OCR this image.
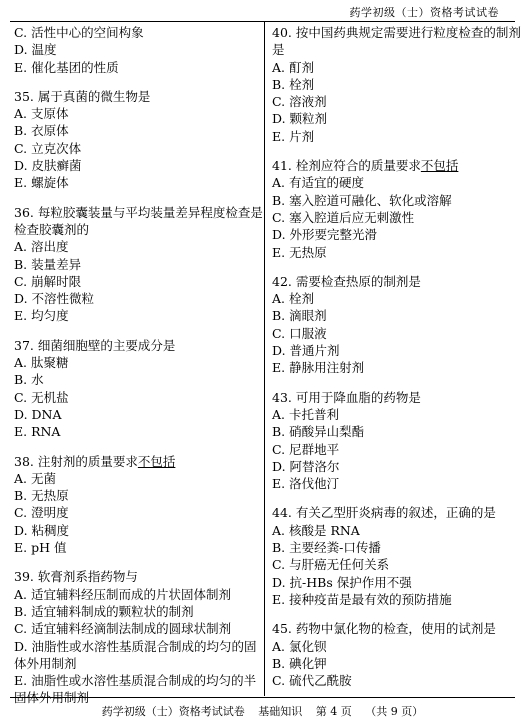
药学初级（士）资格考试试卷

C. 活性中心的空间构象

D. 温度

E. 催化基团的性质

35. 属于真菌的微生物是

A. 支原体

B. 衣原体

C. 立克次体

D. 皮肤癣菌

E. 螺旋体

36. 每粒胶囊装量与平均装量差异程度检查是检查胶囊剂的

A. 溶出度

B. 装量差异

C. 崩解时限

D. 不溶性微粒

E. 均匀度

37. 细菌细胞壁的主要成分是

A. 肽聚糖

B. 水

C. 无机盐

D. DNA

E. RNA

38. 注射剂的质量要求不包括

A. 无菌

B. 无热原

C. 澄明度

D. 粘稠度

E. pH 值

39. 软膏剂系指药物与

A. 适宜辅料经压制而成的片状固体制剂

B. 适宜辅料制成的颗粒状的制剂

C. 适宜辅料经滴制法制成的圆球状制剂

D. 油脂性或水溶性基质混合制成的均匀的固体外用制剂

E. 油脂性或水溶性基质混合制成的均匀的半固体外用制剂

40. 按中国药典规定需要进行粒度检查的制剂是

A. 酊剂

B. 栓剂

C. 溶液剂

D. 颗粒剂

E. 片剂

41. 栓剂应符合的质量要求不包括

A. 有适宜的硬度

B. 塞入腔道可融化、软化或溶解

C. 塞入腔道后应无刺激性

D. 外形要完整光滑

E. 无热原

42. 需要检查热原的制剂是

A. 栓剂

B. 滴眼剂

C. 口服液

D. 普通片剂

E. 静脉用注射剂

43. 可用于降血脂的药物是

A. 卡托普利

B. 硝酸异山梨酯

C. 尼群地平

D. 阿替洛尔

E. 洛伐他汀

44. 有关乙型肝炎病毒的叙述，正确的是

A. 核酸是 RNA

B. 主要经粪-口传播

C. 与肝癌无任何关系

D. 抗-HBs 保护作用不强

E. 接种疫苗是最有效的预防措施

45. 药物中氯化物的检查，使用的试剂是

A. 氯化钡

B. 碘化钾

C. 硫代乙酰胺

药学初级（士）资格考试试卷 基础知识 第 4 页 （共 9 页）
